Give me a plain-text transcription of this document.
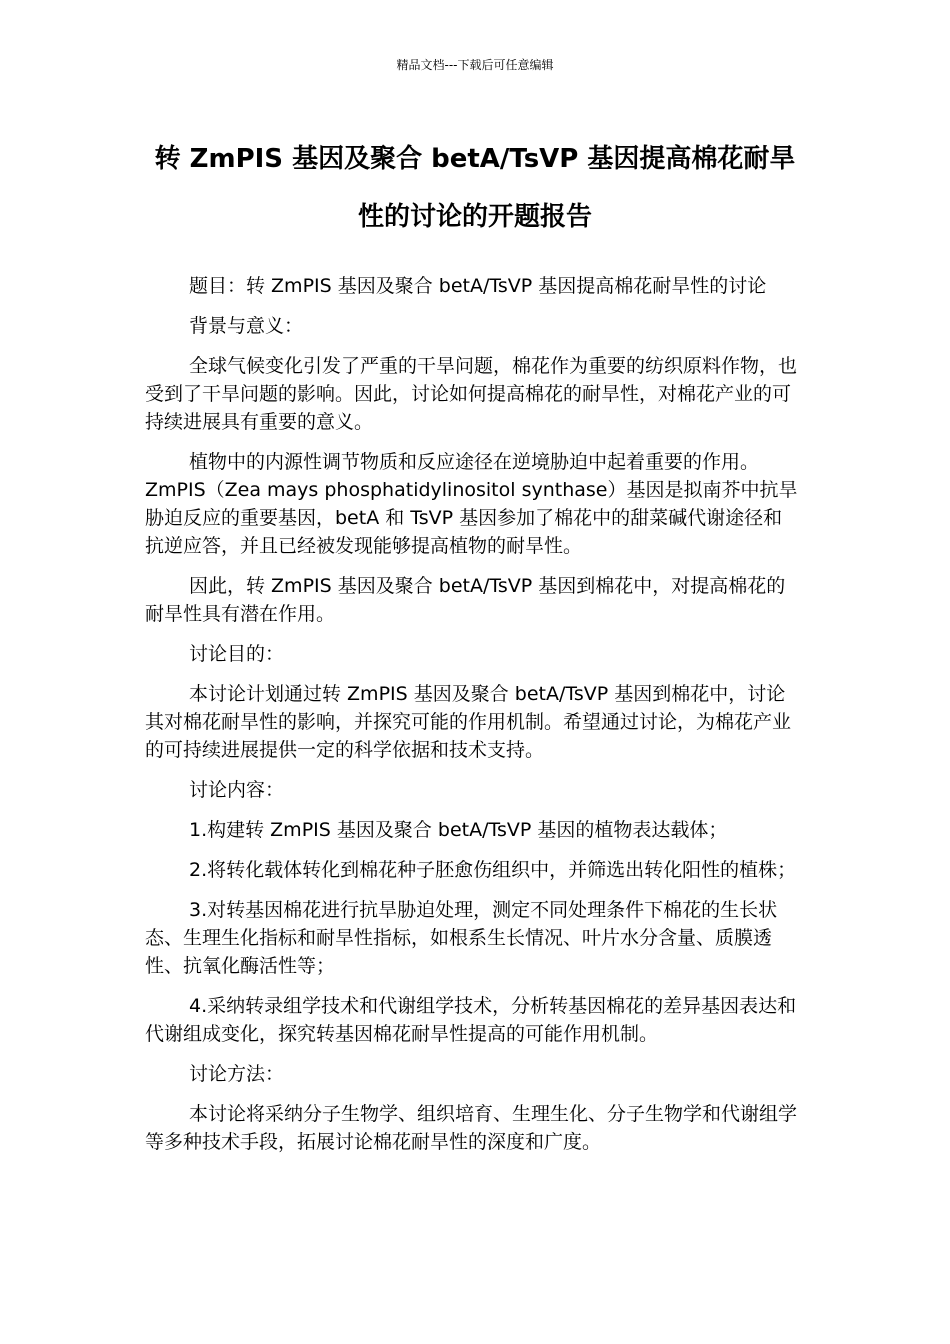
精品文档---下载后可任意编辑
转 ZmPIS 基因及聚合 betA/TsVP 基因提高棉花耐旱
性的讨论的开题报告

题目：转 ZmPIS 基因及聚合 betA/TsVP 基因提高棉花耐旱性的讨论

背景与意义：

全球气候变化引发了严重的干旱问题，棉花作为重要的纺织原料作物，也受到了干旱问题的影响。因此，讨论如何提高棉花的耐旱性，对棉花产业的可持续进展具有重要的意义。

植物中的内源性调节物质和反应途径在逆境胁迫中起着重要的作用。ZmPIS（Zea mays phosphatidylinositol synthase）基因是拟南芥中抗旱胁迫反应的重要基因，betA 和 TsVP 基因参加了棉花中的甜菜碱代谢途径和抗逆应答，并且已经被发现能够提高植物的耐旱性。

因此，转 ZmPIS 基因及聚合 betA/TsVP 基因到棉花中，对提高棉花的耐旱性具有潜在作用。

讨论目的：

本讨论计划通过转 ZmPIS 基因及聚合 betA/TsVP 基因到棉花中，讨论其对棉花耐旱性的影响，并探究可能的作用机制。希望通过讨论，为棉花产业的可持续进展提供一定的科学依据和技术支持。

讨论内容：

1.构建转 ZmPIS 基因及聚合 betA/TsVP 基因的植物表达载体；

2.将转化载体转化到棉花种子胚愈伤组织中，并筛选出转化阳性的植株；

3.对转基因棉花进行抗旱胁迫处理，测定不同处理条件下棉花的生长状态、生理生化指标和耐旱性指标，如根系生长情况、叶片水分含量、质膜透性、抗氧化酶活性等；

4.采纳转录组学技术和代谢组学技术，分析转基因棉花的差异基因表达和代谢组成变化，探究转基因棉花耐旱性提高的可能作用机制。

讨论方法：

本讨论将采纳分子生物学、组织培育、生理生化、分子生物学和代谢组学等多种技术手段，拓展讨论棉花耐旱性的深度和广度。
